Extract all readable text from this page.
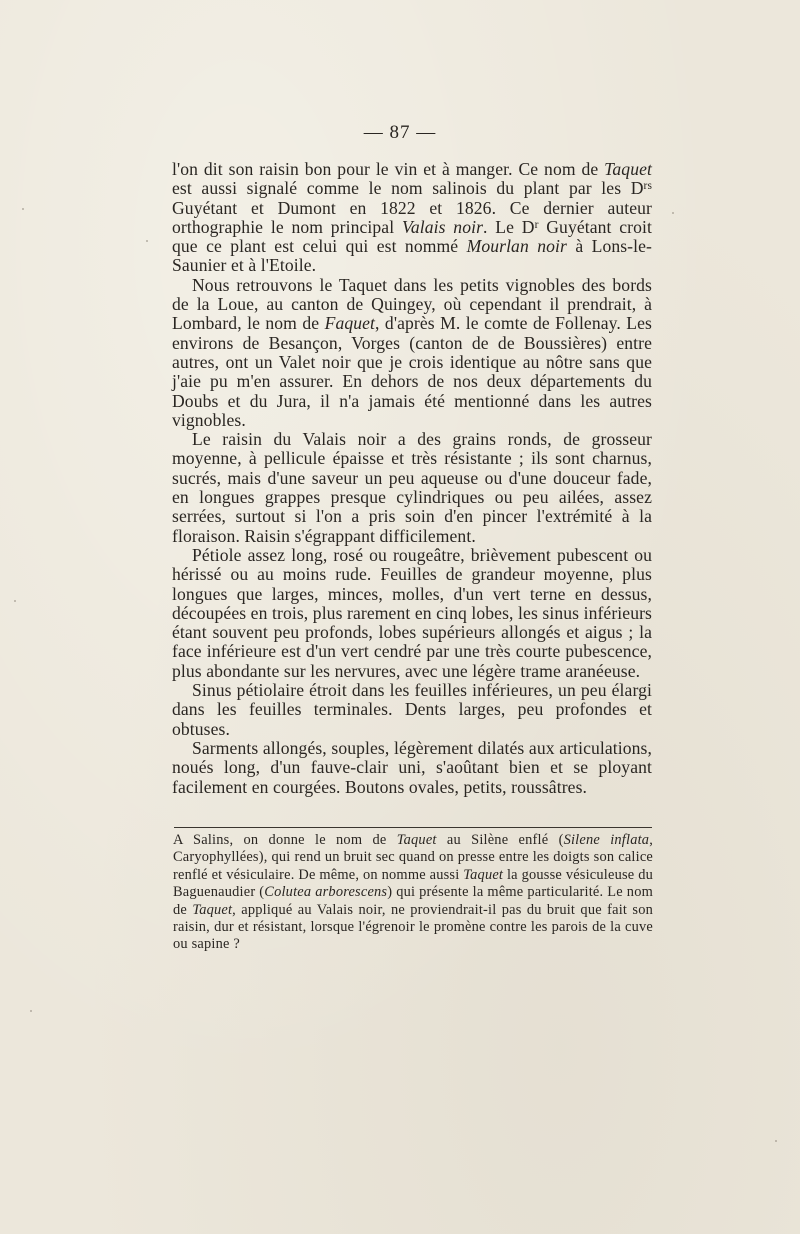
— 87 —

l'on dit son raisin bon pour le vin et à manger. Ce nom de Taquet est aussi signalé comme le nom salinois du plant par les $D^{rs}$ Guyétant et Dumont en 1822 et 1826. Ce dernier auteur orthographie le nom principal Valais noir. Le $D^r$ Guyétant croit que ce plant est celui qui est nommé Mourlan noir à Lons-le-Saunier et à l'Etoile.

Nous retrouvons le Taquet dans les petits vignobles des bords de la Loue, au canton de Quingey, où cependant il prendrait, à Lombard, le nom de Faquet, d'après M. le comte de Follenay. Les environs de Besançon, Vorges (canton de de Boussières) entre autres, ont un Valet noir que je crois identique au nôtre sans que j'aie pu m'en assurer. En dehors de nos deux départements du Doubs et du Jura, il n'a jamais été mentionné dans les autres vignobles.

Le raisin du Valais noir a des grains ronds, de grosseur moyenne, à pellicule épaisse et très résistante ; ils sont charnus, sucrés, mais d'une saveur un peu aqueuse ou d'une douceur fade, en longues grappes presque cylindriques ou peu ailées, assez serrées, surtout si l'on a pris soin d'en pincer l'extrémité à la floraison. Raisin s'égrappant difficilement.

Pétiole assez long, rosé ou rougeâtre, brièvement pubescent ou hérissé ou au moins rude. Feuilles de grandeur moyenne, plus longues que larges, minces, molles, d'un vert terne en dessus, découpées en trois, plus rarement en cinq lobes, les sinus inférieurs étant souvent peu profonds, lobes supérieurs allongés et aigus ; la face inférieure est d'un vert cendré par une très courte pubescence, plus abondante sur les nervures, avec une légère trame aranéeuse.

Sinus pétiolaire étroit dans les feuilles inférieures, un peu élargi dans les feuilles terminales. Dents larges, peu profondes et obtuses.

Sarments allongés, souples, légèrement dilatés aux articulations, noués long, d'un fauve-clair uni, s'aoûtant bien et se ployant facilement en courgées. Boutons ovales, petits, roussâtres.

A Salins, on donne le nom de Taquet au Silène enflé (Silene inflata, Caryophyllées), qui rend un bruit sec quand on presse entre les doigts son calice renflé et vésiculaire. De même, on nomme aussi Taquet la gousse vésiculeuse du Baguenaudier (Colutea arborescens) qui présente la même particularité. Le nom de Taquet, appliqué au Valais noir, ne proviendrait-il pas du bruit que fait son raisin, dur et résistant, lorsque l'égrenoir le promène contre les parois de la cuve ou sapine ?
